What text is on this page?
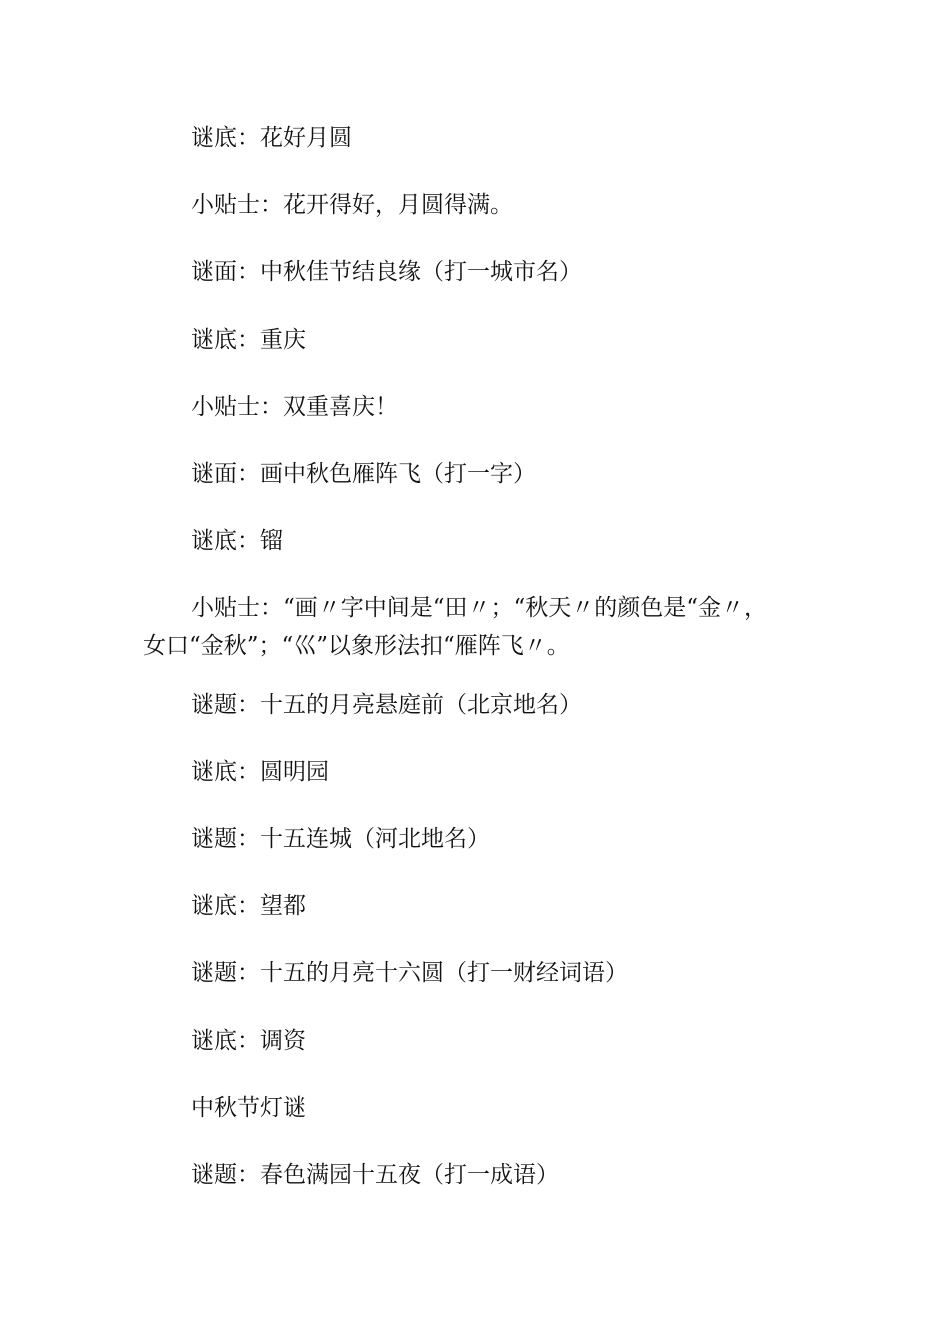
谜底：花好月圆
小贴士：花开得好，月圆得满。
谜面：中秋佳节结良缘（打一城市名）
谜底：重庆
小贴士：双重喜庆！
谜面：画中秋色雁阵飞（打一字）
谜底：镏
小贴士：“画〃字中间是“田〃；“秋天〃的颜色是“金〃，
女口“金秋”；“巛”以象形法扣“雁阵飞〃。
谜题：十五的月亮悬庭前（北京地名）
谜底：圆明园
谜题：十五连城（河北地名）
谜底：望都
谜题：十五的月亮十六圆（打一财经词语）
谜底：调资
中秋节灯谜
谜题：春色满园十五夜（打一成语）
